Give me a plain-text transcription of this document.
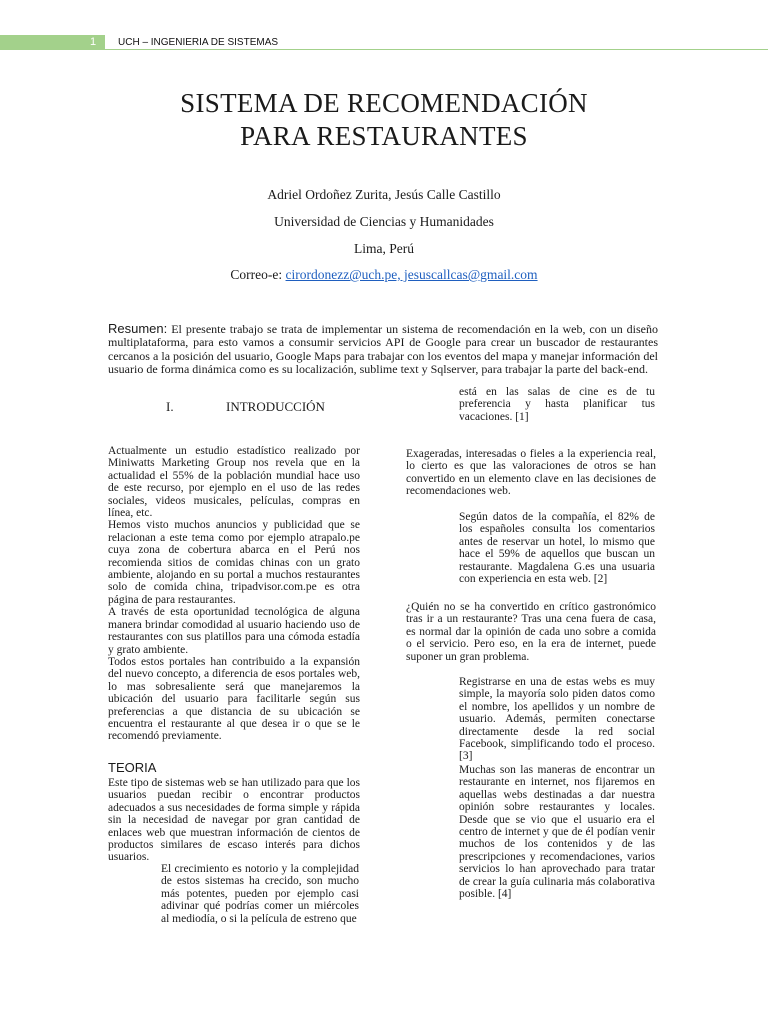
1	UCH – INGENIERIA DE SISTEMAS
SISTEMA DE RECOMENDACIÓN
PARA RESTAURANTES
Adriel Ordoñez Zurita, Jesús Calle Castillo
Universidad de Ciencias y Humanidades
Lima, Perú
Correo-e: cirordonezz@uch.pe, jesuscallcas@gmail.com
Resumen: El presente trabajo se trata de implementar un sistema de recomendación en la web, con un diseño multiplataforma, para esto vamos a consumir servicios API de Google para crear un buscador de restaurantes cercanos a la posición del usuario, Google Maps para trabajar con los eventos del mapa y manejar información del usuario de forma dinámica como es su localización, sublime text y Sqlserver, para trabajar la parte del back-end.
I.	INTRODUCCIÓN

Actualmente un estudio estadístico realizado por Miniwatts Marketing Group nos revela que en la actualidad el 55% de la población mundial hace uso de este recurso, por ejemplo en el uso de las redes sociales, videos musicales, películas, compras en línea, etc.

Hemos visto muchos anuncios y publicidad que se relacionan a este tema como por ejemplo atrapalo.pe cuya zona de cobertura abarca en el Perú nos recomienda sitios de comidas chinas con un grato ambiente, alojando en su portal a muchos restaurantes solo de comida china, tripadvisor.com.pe es otra página de para restaurantes.

A través de esta oportunidad tecnológica de alguna manera brindar comodidad al usuario haciendo uso de restaurantes con sus platillos para una cómoda estadía y grato ambiente.

Todos estos portales han contribuido a la expansión del nuevo concepto, a diferencia de esos portales web, lo mas sobresaliente será que manejaremos la ubicación del usuario para facilitarle según sus preferencias a que distancia de su ubicación se encuentra el restaurante al que desea ir o que se le recomendó previamente.

TEORIA
Este tipo de sistemas web se han utilizado para que los usuarios puedan recibir o encontrar productos adecuados a sus necesidades de forma simple y rápida sin la necesidad de navegar por gran cantidad de enlaces web que muestran información de cientos de productos similares de escaso interés para dichos usuarios.
El crecimiento es notorio y la complejidad de estos sistemas ha crecido, son mucho más potentes, pueden por ejemplo casi adivinar qué podrías comer un miércoles al mediodía, o si la película de estreno que
está en las salas de cine es de tu preferencia y hasta planificar tus vacaciones. [1]
Exageradas, interesadas o fieles a la experiencia real, lo cierto es que las valoraciones de otros se han convertido en un elemento clave en las decisiones de recomendaciones web.
Según datos de la compañía, el 82% de los españoles consulta los comentarios antes de reservar un hotel, lo mismo que hace el 59% de aquellos que buscan un restaurante. Magdalena G.es una usuaria con experiencia en esta web. [2]
¿Quién no se ha convertido en crítico gastronómico tras ir a un restaurante? Tras una cena fuera de casa, es normal dar la opinión de cada uno sobre a comida o el servicio. Pero eso, en la era de internet, puede suponer un gran problema.
Registrarse en una de estas webs es muy simple, la mayoría solo piden datos como el nombre, los apellidos y un nombre de usuario. Además, permiten conectarse directamente desde la red social Facebook, simplificando todo el proceso. [3]
Muchas son las maneras de encontrar un restaurante en internet, nos fijaremos en aquellas webs destinadas a dar nuestra opinión sobre restaurantes y locales. Desde que se vio que el usuario era el centro de internet y que de él podían venir muchos de los contenidos y de las prescripciones y recomendaciones, varios servicios lo han aprovechado para tratar de crear la guía culinaria más colaborativa posible. [4]
